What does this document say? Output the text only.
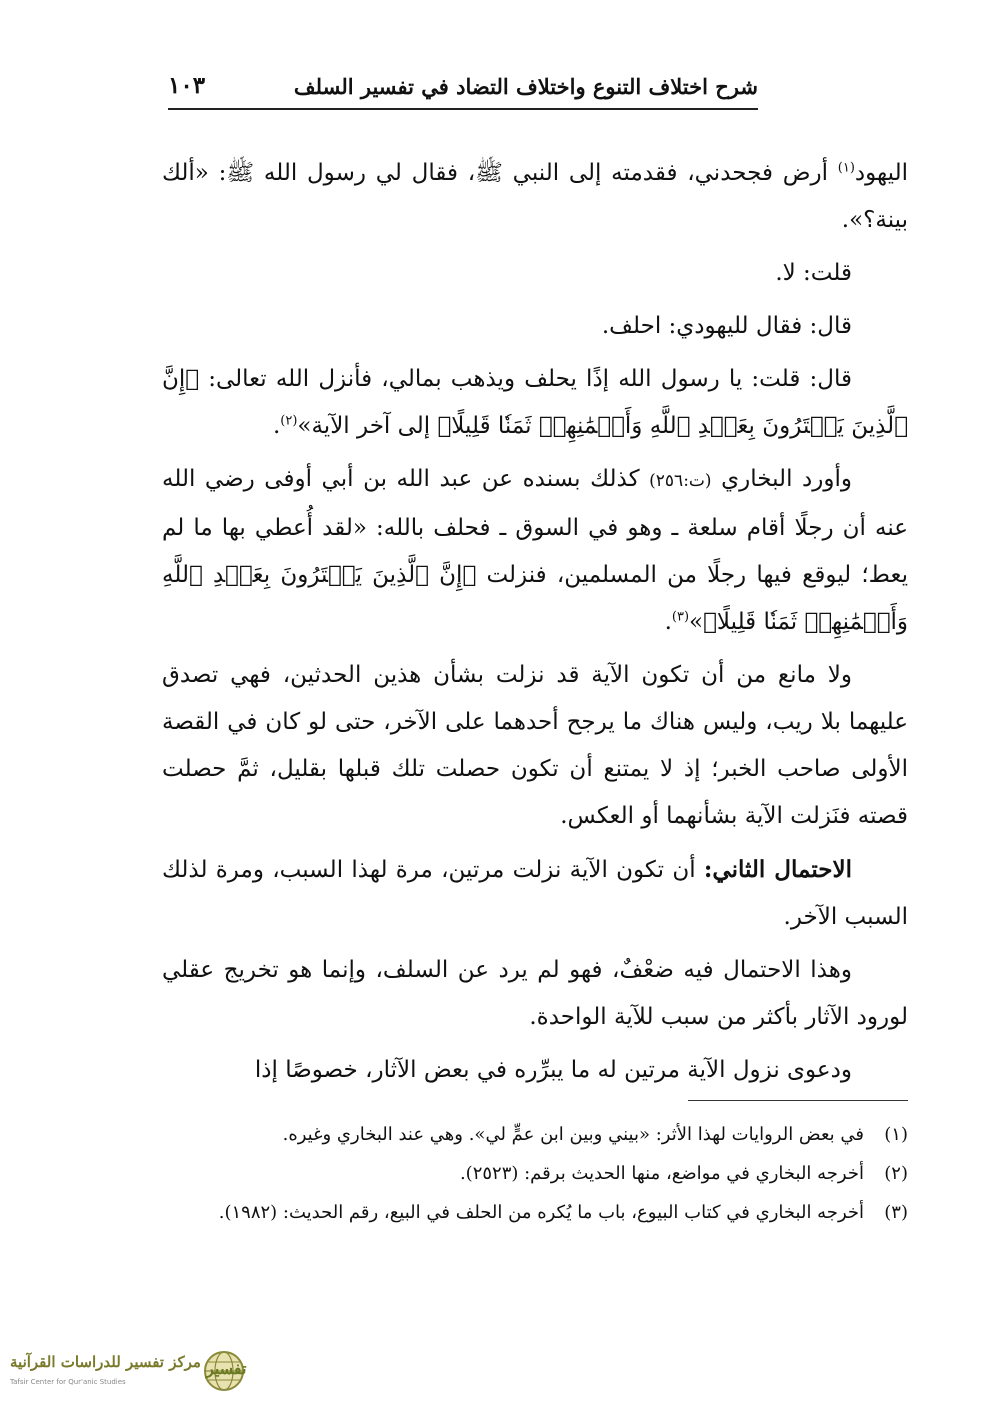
شرح اختلاف التنوع واختلاف التضاد في تفسير السلف
١٠٣

اليهود$^{(١)}$ أرض فجحدني، فقدمته إلى النبي ﷺ، فقال لي رسول الله ﷺ: «ألك بينة؟».

قلت: لا.

قال: فقال لليهودي: احلف.

قال: قلت: يا رسول الله إذًا يحلف ويذهب بمالي، فأنزل الله تعالى: ﴿إِنَّ ٱلَّذِينَ يَشۡتَرُونَ بِعَهۡدِ ٱللَّهِ وَأَيۡمَٰنِهِمۡ ثَمَنٗا قَلِيلًا﴾ إلى آخر الآية»$^{(٢)}$.

وأورد البخاري (ت:٢٥٦) كذلك بسنده عن عبد الله بن أبي أوفى رضي الله عنه أن رجلًا أقام سلعة ـ وهو في السوق ـ فحلف بالله: «لقد أُعطي بها ما لم يعط؛ ليوقع فيها رجلًا من المسلمين، فنزلت ﴿إِنَّ ٱلَّذِينَ يَشۡتَرُونَ بِعَهۡدِ ٱللَّهِ وَأَيۡمَٰنِهِمۡ ثَمَنٗا قَلِيلًا﴾»$^{(٣)}$.

ولا مانع من أن تكون الآية قد نزلت بشأن هذين الحدثين، فهي تصدق عليهما بلا ريب، وليس هناك ما يرجح أحدهما على الآخر، حتى لو كان في القصة الأولى صاحب الخبر؛ إذ لا يمتنع أن تكون حصلت تلك قبلها بقليل، ثمَّ حصلت قصته فنَزلت الآية بشأنهما أو العكس.

الاحتمال الثاني: أن تكون الآية نزلت مرتين، مرة لهذا السبب، ومرة لذلك السبب الآخر.

وهذا الاحتمال فيه ضعْفٌ، فهو لم يرد عن السلف، وإنما هو تخريج عقلي لورود الآثار بأكثر من سبب للآية الواحدة.

ودعوى نزول الآية مرتين له ما يبرِّره في بعض الآثار، خصوصًا إذا

(١)
في بعض الروايات لهذا الأثر: «بيني وبين ابن عمٍّ لي». وهي عند البخاري وغيره.
(٢)
أخرجه البخاري في مواضع، منها الحديث برقم: (٢٥٢٣).
(٣)
أخرجه البخاري في كتاب البيوع، باب ما يُكره من الحلف في البيع، رقم الحديث: (١٩٨٢).
مركز تفسير للدراسات القرآنية
Tafsir Center for Qur'anic Studies
تفسير
